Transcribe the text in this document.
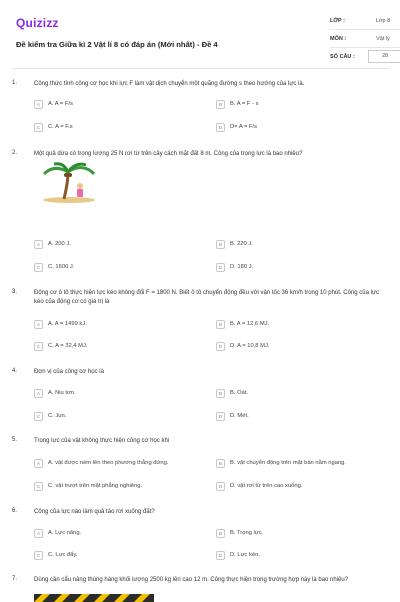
Quizizz
Đề kiểm tra Giữa kì 2 Vật lí 8 có đáp án (Mới nhất) - Đề 4
LỚP :	Lớp 8
MÔN :	Vật lý
SỐ CÂU :	28
1.	Công thức tính công cơ học khi lực F làm vật dịch chuyển một quãng đường s theo hướng của lực là.
A	A. A = F/s	B	B. A = F - s
C	C. A = F.s	D	D= A = F/s
2.	Một quả dừa có trọng lượng 25 N rơi từ trên cây cách mặt đất 8 m. Công của trọng lực là bao nhiêu?
A	A. 200 J.	B	B. 220 J.
C	C. 1600 J.	D	D. 180 J.
3.	Động cơ ô tô thực hiện lực kéo không đổi F = 1800 N. Biết ô tô chuyển động đều với vận tốc 36 km/h trong 10 phút. Công của lực kéo của động cơ có giá trị là
A	A. A = 1499 kJ.	B	B. A = 12,6 MJ.
C	C. A = 32,4 MJ.	D	D. A = 10,8 MJ.
4.	Đơn vị của công cơ học là
A	A. Niu tơn.	B	B. Oát.
C	C. Jun.	D	D. Mét.
5.	Trọng lực của vật không thực hiện công cơ học khi
A	A. vật được ném lên theo phương thẳng đứng.	B	B. vật chuyển động trên mặt bàn nằm ngang.
C	C. vật trượt trên mặt phẳng nghiêng.	D	D. vật rơi từ trên cao xuống.
6.	Công của lực nào làm quả táo rơi xuống đất?
A	A. Lực nâng.	B	B. Trọng lực.
C	C. Lực đẩy.	D	D. Lực kéo.
7.	Dùng cần cẩu nâng thùng hàng khối lượng 2500 kg lên cao 12 m. Công thực hiện trong trường hợp này là bao nhiêu?
